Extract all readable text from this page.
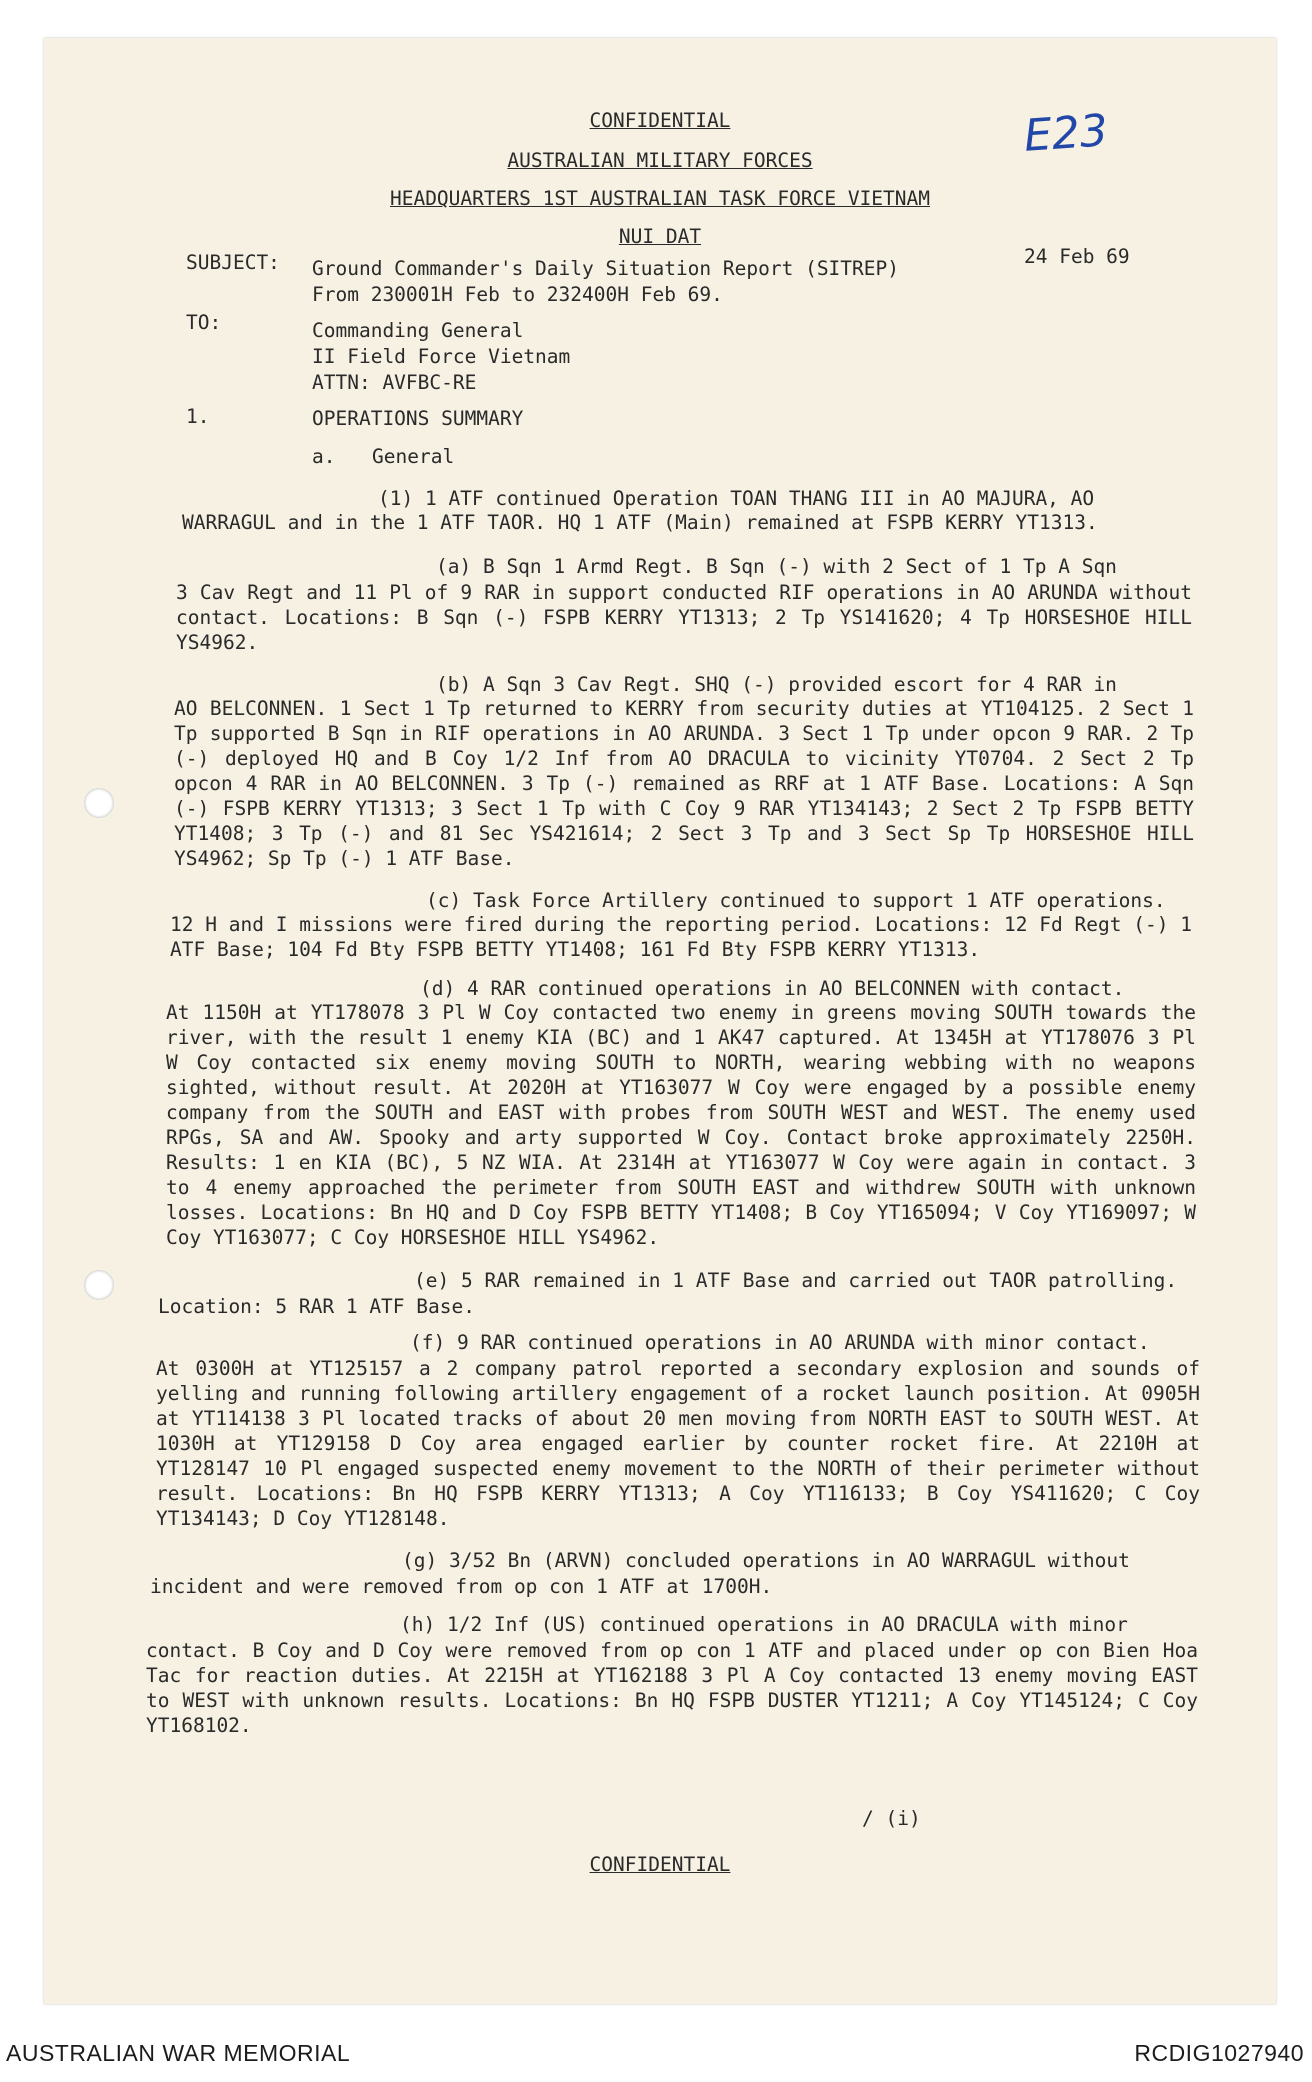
E23
CONFIDENTIAL
AUSTRALIAN MILITARY FORCES
HEADQUARTERS 1ST AUSTRALIAN TASK FORCE VIETNAM
NUI DAT
24 Feb 69
SUBJECT: Ground Commander's Daily Situation Report (SITREP)
From 230001H Feb to 232400H Feb 69.
TO:	Commanding General
II Field Force Vietnam
ATTN: AVFBC-RE
1.	OPERATIONS SUMMARY
a. General
(1) 1 ATF continued Operation TOAN THANG III in AO MAJURA, AO
WARRAGUL and in the 1 ATF TAOR. HQ 1 ATF (Main) remained at FSPB KERRY YT1313.
(a) B Sqn 1 Armd Regt. B Sqn (-) with 2 Sect of 1 Tp A Sqn
3 Cav Regt and 11 Pl of 9 RAR in support conducted RIF operations in AO ARUNDA without contact. Locations: B Sqn (-) FSPB KERRY YT1313; 2 Tp YS141620; 4 Tp HORSESHOE HILL YS4962.
(b) A Sqn 3 Cav Regt. SHQ (-) provided escort for 4 RAR in
AO BELCONNEN. 1 Sect 1 Tp returned to KERRY from security duties at YT104125. 2 Sect 1 Tp supported B Sqn in RIF operations in AO ARUNDA. 3 Sect 1 Tp under opcon 9 RAR. 2 Tp (-) deployed HQ and B Coy 1/2 Inf from AO DRACULA to vicinity YT0704. 2 Sect 2 Tp opcon 4 RAR in AO BELCONNEN. 3 Tp (-) remained as RRF at 1 ATF Base. Locations: A Sqn (-) FSPB KERRY YT1313; 3 Sect 1 Tp with C Coy 9 RAR YT134143; 2 Sect 2 Tp FSPB BETTY YT1408; 3 Tp (-) and 81 Sec YS421614; 2 Sect 3 Tp and 3 Sect Sp Tp HORSESHOE HILL YS4962; Sp Tp (-) 1 ATF Base.
(c) Task Force Artillery continued to support 1 ATF operations.
12 H and I missions were fired during the reporting period. Locations: 12 Fd Regt (-) 1 ATF Base; 104 Fd Bty FSPB BETTY YT1408; 161 Fd Bty FSPB KERRY YT1313.
(d) 4 RAR continued operations in AO BELCONNEN with contact.
At 1150H at YT178078 3 Pl W Coy contacted two enemy in greens moving SOUTH towards the river, with the result 1 enemy KIA (BC) and 1 AK47 captured. At 1345H at YT178076 3 Pl W Coy contacted six enemy moving SOUTH to NORTH, wearing webbing with no weapons sighted, without result. At 2020H at YT163077 W Coy were engaged by a possible enemy company from the SOUTH and EAST with probes from SOUTH WEST and WEST. The enemy used RPGs, SA and AW. Spooky and arty supported W Coy. Contact broke approximately 2250H. Results: 1 en KIA (BC), 5 NZ WIA. At 2314H at YT163077 W Coy were again in contact. 3 to 4 enemy approached the perimeter from SOUTH EAST and withdrew SOUTH with unknown losses. Locations: Bn HQ and D Coy FSPB BETTY YT1408; B Coy YT165094; V Coy YT169097; W Coy YT163077; C Coy HORSESHOE HILL YS4962.
(e) 5 RAR remained in 1 ATF Base and carried out TAOR patrolling.
Location: 5 RAR 1 ATF Base.
(f) 9 RAR continued operations in AO ARUNDA with minor contact.
At 0300H at YT125157 a 2 company patrol reported a secondary explosion and sounds of yelling and running following artillery engagement of a rocket launch position. At 0905H at YT114138 3 Pl located tracks of about 20 men moving from NORTH EAST to SOUTH WEST. At 1030H at YT129158 D Coy area engaged earlier by counter rocket fire. At 2210H at YT128147 10 Pl engaged suspected enemy movement to the NORTH of their perimeter without result. Locations: Bn HQ FSPB KERRY YT1313; A Coy YT116133; B Coy YS411620; C Coy YT134143; D Coy YT128148.
(g) 3/52 Bn (ARVN) concluded operations in AO WARRAGUL without
incident and were removed from op con 1 ATF at 1700H.
(h) 1/2 Inf (US) continued operations in AO DRACULA with minor
contact. B Coy and D Coy were removed from op con 1 ATF and placed under op con Bien Hoa Tac for reaction duties. At 2215H at YT162188 3 Pl A Coy contacted 13 enemy moving EAST to WEST with unknown results. Locations: Bn HQ FSPB DUSTER YT1211; A Coy YT145124; C Coy YT168102.
/ (i)
CONFIDENTIAL
AUSTRALIAN WAR MEMORIAL	RCDIG1027940
